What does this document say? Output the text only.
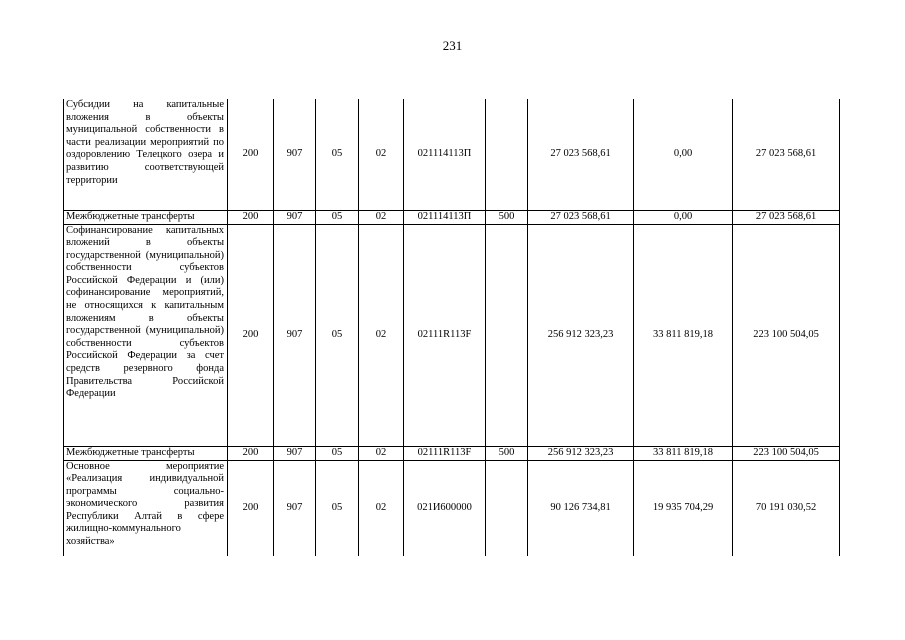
231
Субсидии на капитальные вложения в объекты муниципальной собственности в части реализации мероприятий по оздоровлению Телецкого озера и развитию соответствующей территории	200	907	05	02	021114113П		27 023 568,61	0,00	27 023 568,61
Межбюджетные трансферты	200	907	05	02	021114113П	500	27 023 568,61	0,00	27 023 568,61
Софинансирование капитальных вложений в объекты государственной (муниципальной) собственности субъектов Российской Федерации и (или) софинансирование мероприятий, не относящихся к капитальным вложениям в объекты государственной (муниципальной) собственности субъектов Российской Федерации за счет средств резервного фонда Правительства Российской Федерации	200	907	05	02	02111R113F		256 912 323,23	33 811 819,18	223 100 504,05
Межбюджетные трансферты	200	907	05	02	02111R113F	500	256 912 323,23	33 811 819,18	223 100 504,05
Основное мероприятие «Реализация индивидуальной программы социально-экономического развития Республики Алтай в сфере жилищно-коммунального хозяйства»	200	907	05	02	021И600000		90 126 734,81	19 935 704,29	70 191 030,52
